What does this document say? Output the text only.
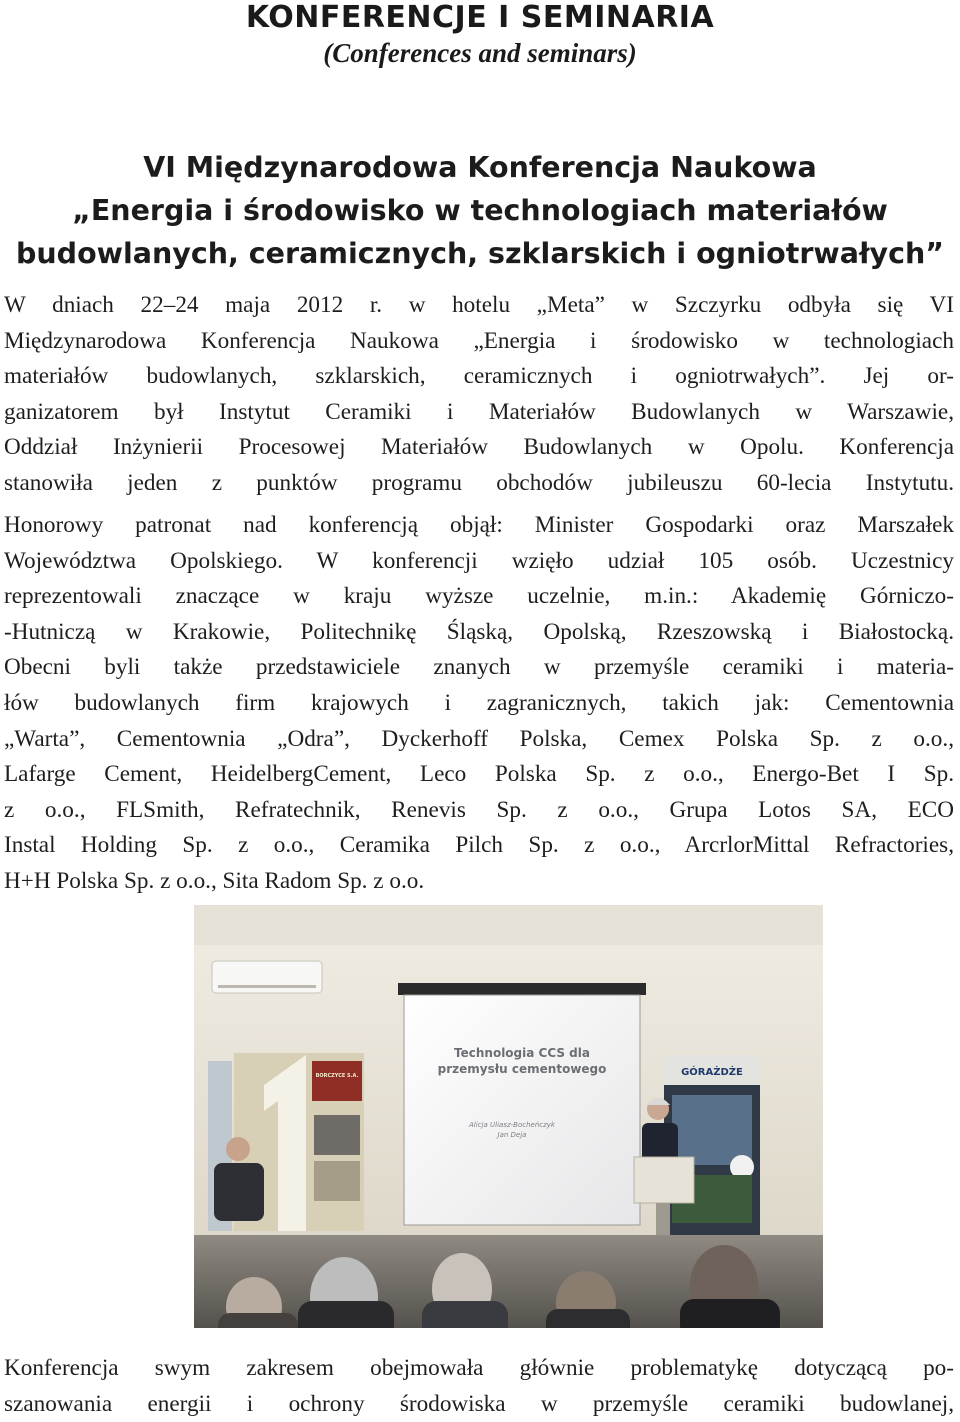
KONFERENCJE I SEMINARIA
(Conferences and seminars)
VI Międzynarodowa Konferencja Naukowa
„Energia i środowisko w technologiach materiałów
budowlanych, ceramicznych, szklarskich i ogniotrwałych”
W dniach 22–24 maja 2012 r. w hotelu „Meta” w Szczyrku odbyła się VI
Międzynarodowa Konferencja Naukowa „Energia i środowisko w technologiach
materiałów budowlanych, szklarskich, ceramicznych i ogniotrwałych”. Jej or-
ganizatorem był Instytut Ceramiki i Materiałów Budowlanych w Warszawie,
Oddział Inżynierii Procesowej Materiałów Budowlanych w Opolu. Konferencja
stanowiła jeden z punktów programu obchodów jubileuszu 60-lecia Instytutu.
Honorowy patronat nad konferencją objął: Minister Gospodarki oraz Marszałek
Województwa Opolskiego. W konferencji wzięło udział 105 osób. Uczestnicy
reprezentowali znaczące w kraju wyższe uczelnie, m.in.: Akademię Górniczo-
-Hutniczą w Krakowie, Politechnikę Śląską, Opolską, Rzeszowską i Białostocką.
Obecni byli także przedstawiciele znanych w przemyśle ceramiki i materia-
łów budowlanych firm krajowych i zagranicznych, takich jak: Cementownia
„Warta”, Cementownia „Odra”, Dyckerhoff Polska, Cemex Polska Sp. z o.o.,
Lafarge Cement, HeidelbergCement, Leco Polska Sp. z o.o., Energo-Bet I Sp.
z o.o., FLSmith, Refratechnik, Renevis Sp. z o.o., Grupa Lotos SA, ECO
Instal Holding Sp. z o.o., Ceramika Pilch Sp. z o.o., ArcrlorMittal Refractories,
H+H Polska Sp. z o.o., Sita Radom Sp. z o.o.
Technologia CCS dla
przemysłu cementowego
Alicja Uliasz-Bocheńczyk
Jan Deja
BORCZYCE S.A.	GÓRAŻDŻE
Konferencja swym zakresem obejmowała głównie problematykę dotyczącą po-
szanowania energii i ochrony środowiska w przemyśle ceramiki budowlanej,
